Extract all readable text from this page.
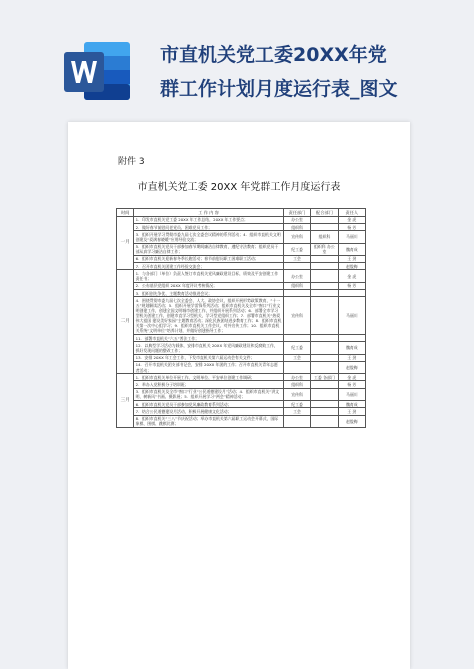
市直机关党工委20XX年党
群工作计划月度运行表_图文
附件 3
市直机关党工委 20XX 年党群工作月度运行表
时间	工 作 内 容	责任部门	配合部门	责任人
一月	1．印发市直机关党工委 20XX 年工作总结，20XX 年工作要点；	办公室		金 虎
	2．做好春节前慰问老党员、困难党员工作；	组织科		杨 芳
	3．组织开展学习贯彻市委九届七次全委会议精神的系列活动；4．组织市直机关文明创建及“爱满春晓暖”应用经验交流；	宣传科	组织科	马丽川
	5．组织市直机关党员干部参加春节期间廉洁自律教育，遵纪守法教育；组织党员干部从真学习廉洁自律工作；	纪工委	组织科 办公室	魏育成
	6．组织市直机关迎新春冬季长跑活动；春节前慰问职工困难职工活动；	工会		王 劲
	7．召开市直机关团建工作经验交流会；			赵俊梅
二月	1．与各部门（单位）负责人签订市直机关党风廉政建设目标，绩效及平安创建工作责任书；	办公室		金 虎
	2．公布基层党组织 20XX 年度评议考核情况；	组织科		杨 芳
	3．组织创先争优、主题教育活动推进会议；			
	4．围绕贯彻市委九届七次全委会、人大、政协会议，组织开展形势政策教育，“十一五”规划解读活动；5．组织开展学雷锋系列活动；组织市直机关及全市“窗口”行业文明创建工作，创建全国文明城市创建工作，并组织开展系列活动；6．部署全市学习型机关创建工作，创建市直学习型机关，学习型党组织工作；7．部署市直机关“热爱伟大祖国 建设美好家园”主题教育活动；深化民族团结进步教育工作；8．组织市直机关第一次中心组学习；9．组织市直机关工作会议、对外宣传工作；10．组织市直机关系统“文明单位”培养计划，并做好创建指导工作；	宣传科		马丽川
	11．部署市直机关“六五”普法工作；			
	12．以典型学习活动为载体，安排市直机关 20XX 年党风廉政建设和反腐败工作，抓好发现问题的整改工作；	纪工委		魏育成
	13．安排 20XX 年工会工作，下发市直机关第六届运动会有关文件；	工会		王 劲
	14．召开市直机关团支部书记会，安排 20XX 年团的工作；召开市直机关青年志愿者活动；			赵俊梅
三月	1．组织市直机关单位开展工作、文明单位、平安单位创建工作调研；	办公室	工委 各部门	金 虎
	2．举办入党积极分子培训班；	组织科		杨 芳
	3．组织市直机关及全市“窗口”行业“公民道德建设月”活动；4．组织市直机关“讲文明、树新风”书画、摄影展；5．组织开展学习“两会”精神活动；	宣传科		马丽川
	6．组织市直机关党员干部参加党风廉政教育系列活动；	纪工委		魏育成
	7．结合公民道德建设月活动，积极开展健康文化活动；	工会		王 劲
	8．组织市直机关“三八”节庆祝活动；举办市直机关第六届职工运动会开幕式，国际象棋、围棋、跳棋比赛；			赵俊梅
